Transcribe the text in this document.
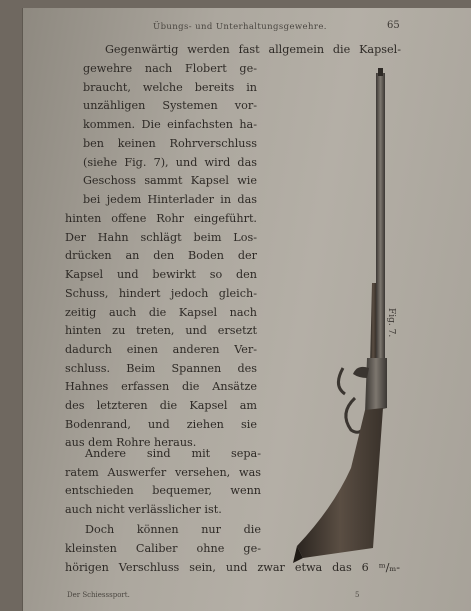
Übungs- und Unterhaltungsgewehre.	65
Gegenwärtig werden fast allgemein die Kapsel-
gewehre nach Flobert ge-
braucht, welche bereits in
unzähligen Systemen vor-
kommen. Die einfachsten ha-
ben keinen Rohrverschluss
(siehe Fig. 7), und wird das
Geschoss sammt Kapsel wie
bei jedem Hinterlader in das
hinten offene Rohr eingeführt.
Der Hahn schlägt beim Los-
drücken an den Boden der
Kapsel und bewirkt so den
Schuss, hindert jedoch gleich-
zeitig auch die Kapsel nach
hinten zu treten, und ersetzt
dadurch einen anderen Ver-
schluss. Beim Spannen des
Hahnes erfassen die Ansätze
des letzteren die Kapsel am
Bodenrand, und ziehen sie
aus dem Rohre heraus.
Andere sind mit sepa-
ratem Auswerfer versehen, was
entschieden bequemer, wenn
auch nicht verlässlicher ist.
Doch können nur die
kleinsten Caliber ohne ge-
hörigen Verschluss sein, und zwar etwa das 6 ᵐ/ₘ-
Fig. 7.
Der Schiesssport.	5
